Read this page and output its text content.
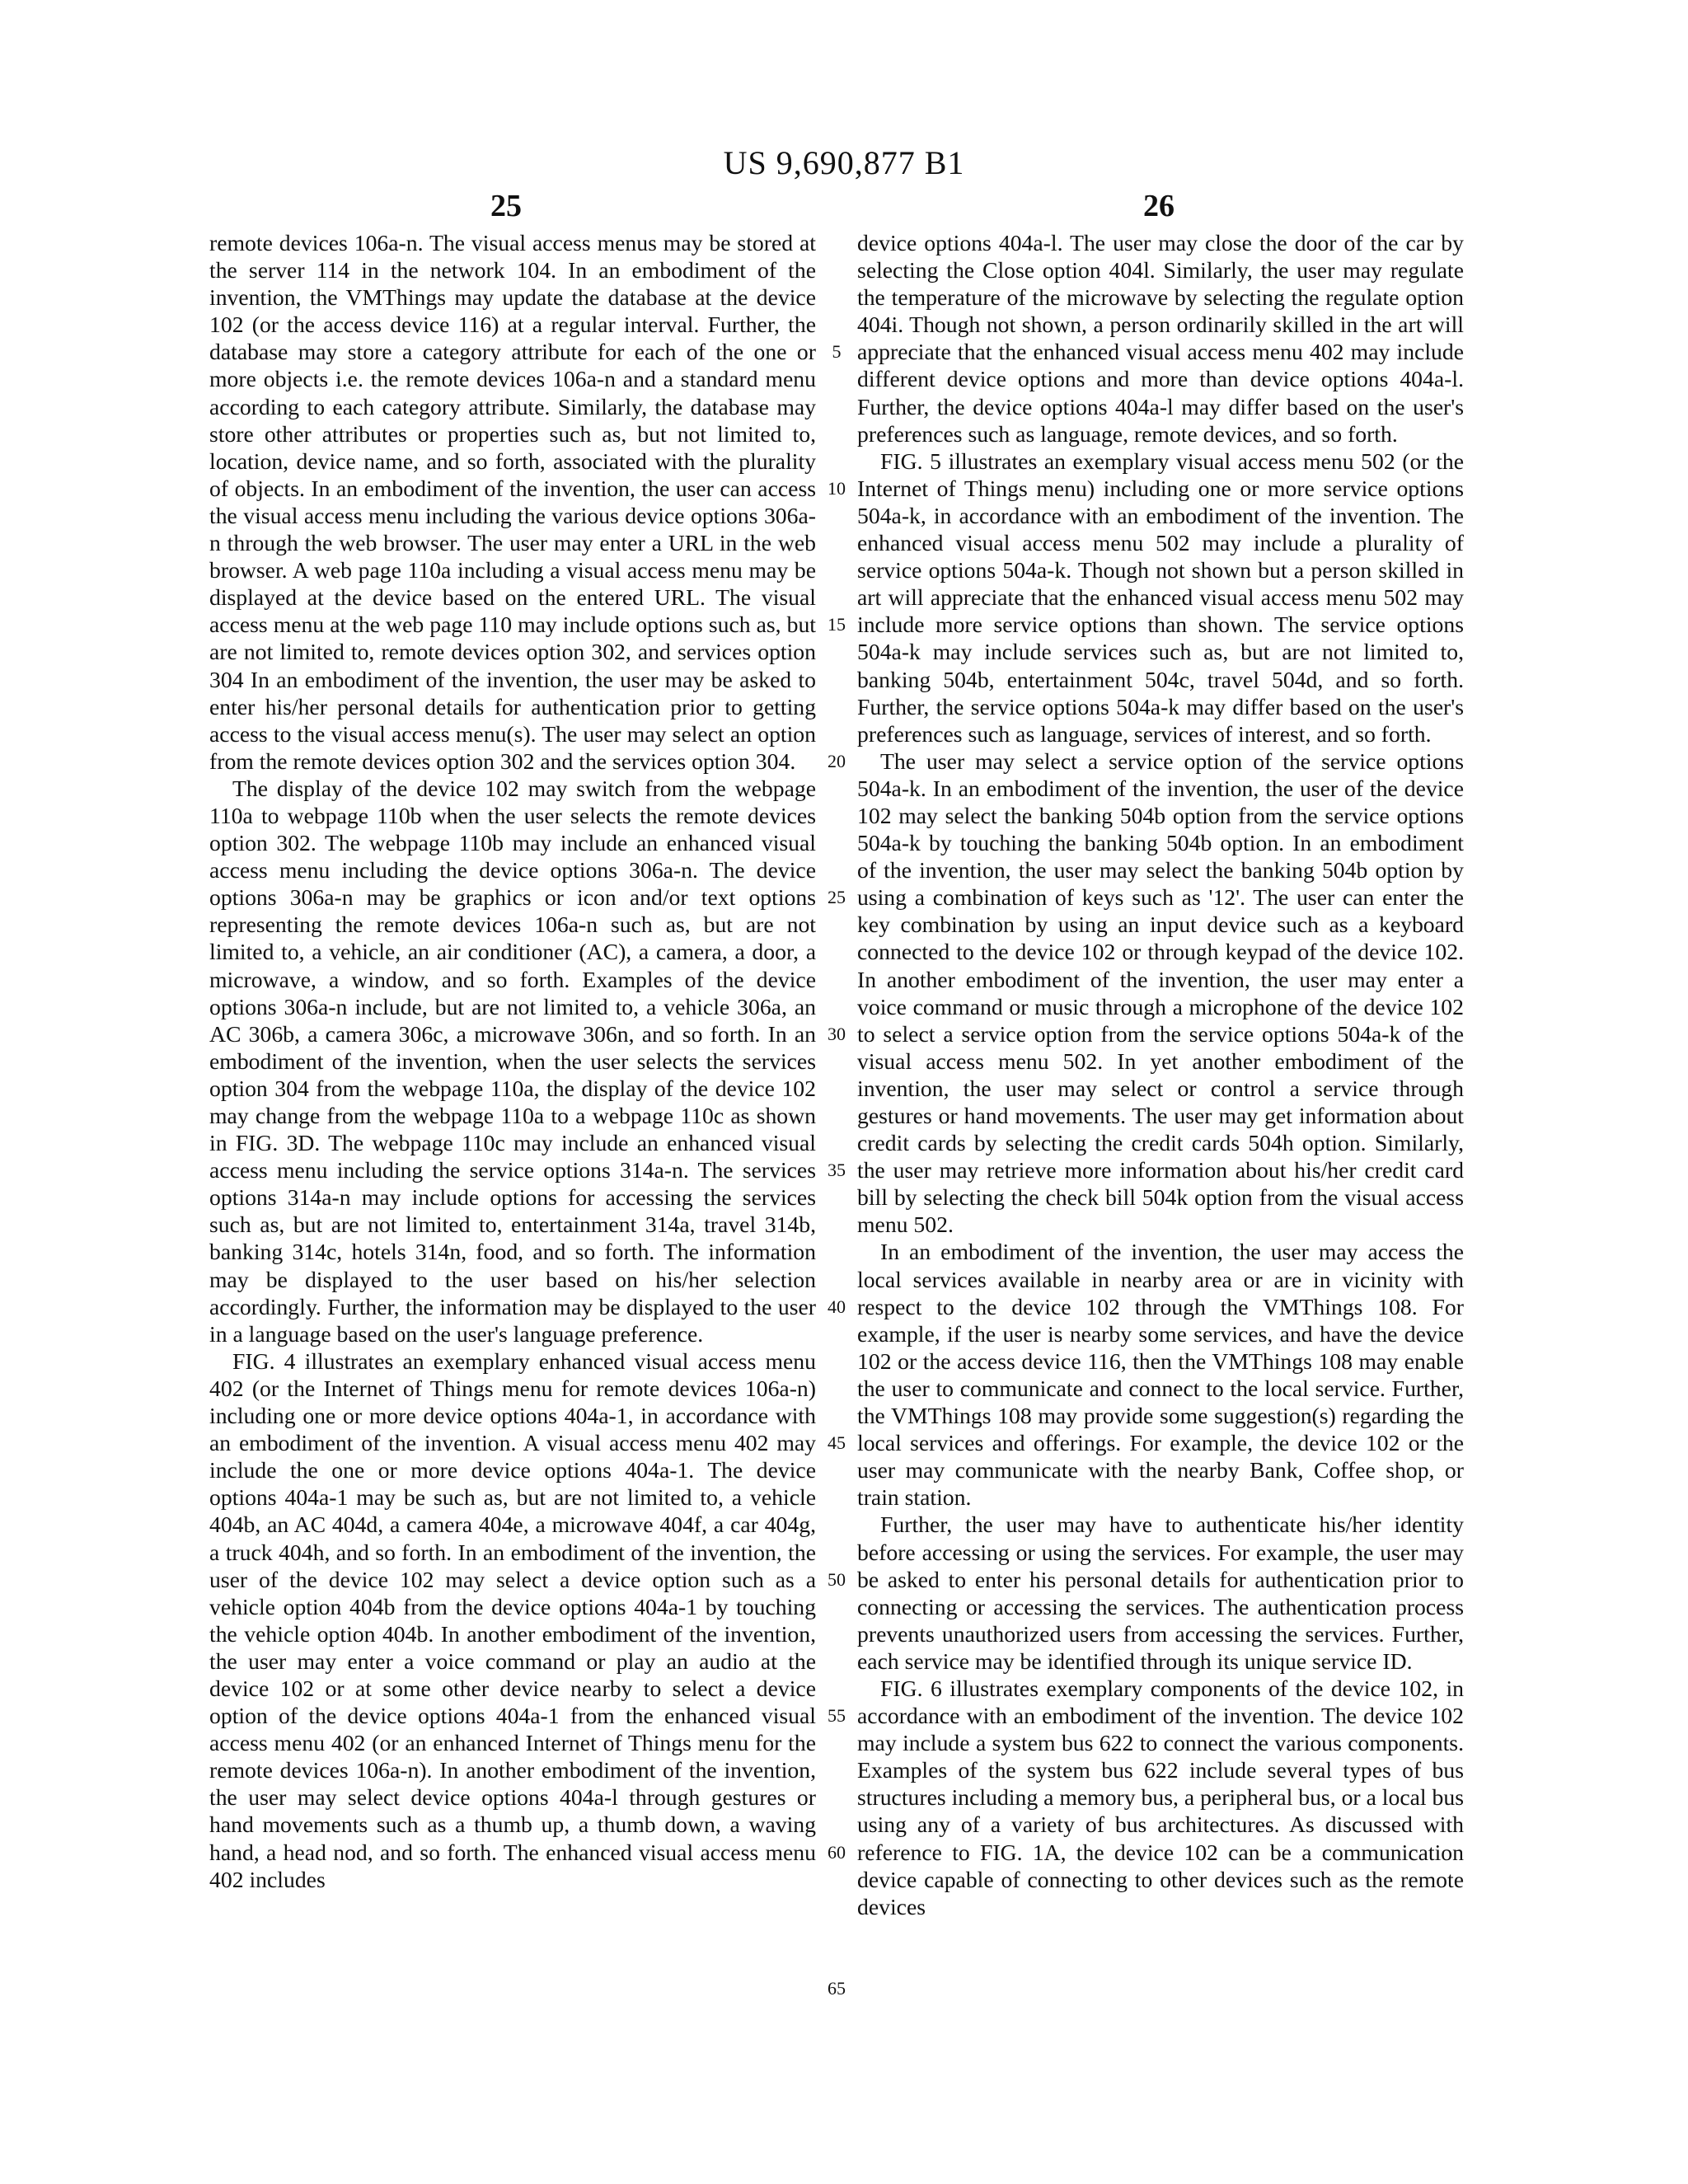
US 9,690,877 B1
25	26

remote devices 106a-n. The visual access menus may be stored at the server 114 in the network 104. In an embodiment of the invention, the VMThings may update the database at the device 102 (or the access device 116) at a regular interval. Further, the database may store a category attribute for each of the one or more objects i.e. the remote devices 106a-n and a standard menu according to each category attribute. Similarly, the database may store other attributes or properties such as, but not limited to, location, device name, and so forth, associated with the plurality of objects. In an embodiment of the invention, the user can access the visual access menu including the various device options 306a-n through the web browser. The user may enter a URL in the web browser. A web page 110a including a visual access menu may be displayed at the device based on the entered URL. The visual access menu at the web page 110 may include options such as, but are not limited to, remote devices option 302, and services option 304 In an embodiment of the invention, the user may be asked to enter his/her personal details for authentication prior to getting access to the visual access menu(s). The user may select an option from the remote devices option 302 and the services option 304.

The display of the device 102 may switch from the webpage 110a to webpage 110b when the user selects the remote devices option 302. The webpage 110b may include an enhanced visual access menu including the device options 306a-n. The device options 306a-n may be graphics or icon and/or text options representing the remote devices 106a-n such as, but are not limited to, a vehicle, an air conditioner (AC), a camera, a door, a microwave, a window, and so forth. Examples of the device options 306a-n include, but are not limited to, a vehicle 306a, an AC 306b, a camera 306c, a microwave 306n, and so forth. In an embodiment of the invention, when the user selects the services option 304 from the webpage 110a, the display of the device 102 may change from the webpage 110a to a webpage 110c as shown in FIG. 3D. The webpage 110c may include an enhanced visual access menu including the service options 314a-n. The services options 314a-n may include options for accessing the services such as, but are not limited to, entertainment 314a, travel 314b, banking 314c, hotels 314n, food, and so forth. The information may be displayed to the user based on his/her selection accordingly. Further, the information may be displayed to the user in a language based on the user's language preference.

FIG. 4 illustrates an exemplary enhanced visual access menu 402 (or the Internet of Things menu for remote devices 106a-n) including one or more device options 404a-1, in accordance with an embodiment of the invention. A visual access menu 402 may include the one or more device options 404a-1. The device options 404a-1 may be such as, but are not limited to, a vehicle 404b, an AC 404d, a camera 404e, a microwave 404f, a car 404g, a truck 404h, and so forth. In an embodiment of the invention, the user of the device 102 may select a device option such as a vehicle option 404b from the device options 404a-1 by touching the vehicle option 404b. In another embodiment of the invention, the user may enter a voice command or play an audio at the device 102 or at some other device nearby to select a device option of the device options 404a-1 from the enhanced visual access menu 402 (or an enhanced Internet of Things menu for the remote devices 106a-n). In another embodiment of the invention, the user may select device options 404a-l through gestures or hand movements such as a thumb up, a thumb down, a waving hand, a head nod, and so forth. The enhanced visual access menu 402 includes

5
10
15
20
25
30
35
40
45
50
55
60
65

device options 404a-l. The user may close the door of the car by selecting the Close option 404l. Similarly, the user may regulate the temperature of the microwave by selecting the regulate option 404i. Though not shown, a person ordinarily skilled in the art will appreciate that the enhanced visual access menu 402 may include different device options and more than device options 404a-l. Further, the device options 404a-l may differ based on the user's preferences such as language, remote devices, and so forth.

FIG. 5 illustrates an exemplary visual access menu 502 (or the Internet of Things menu) including one or more service options 504a-k, in accordance with an embodiment of the invention. The enhanced visual access menu 502 may include a plurality of service options 504a-k. Though not shown but a person skilled in art will appreciate that the enhanced visual access menu 502 may include more service options than shown. The service options 504a-k may include services such as, but are not limited to, banking 504b, entertainment 504c, travel 504d, and so forth. Further, the service options 504a-k may differ based on the user's preferences such as language, services of interest, and so forth.

The user may select a service option of the service options 504a-k. In an embodiment of the invention, the user of the device 102 may select the banking 504b option from the service options 504a-k by touching the banking 504b option. In an embodiment of the invention, the user may select the banking 504b option by using a combination of keys such as '12'. The user can enter the key combination by using an input device such as a keyboard connected to the device 102 or through keypad of the device 102. In another embodiment of the invention, the user may enter a voice command or music through a microphone of the device 102 to select a service option from the service options 504a-k of the visual access menu 502. In yet another embodiment of the invention, the user may select or control a service through gestures or hand movements. The user may get information about credit cards by selecting the credit cards 504h option. Similarly, the user may retrieve more information about his/her credit card bill by selecting the check bill 504k option from the visual access menu 502.

In an embodiment of the invention, the user may access the local services available in nearby area or are in vicinity with respect to the device 102 through the VMThings 108. For example, if the user is nearby some services, and have the device 102 or the access device 116, then the VMThings 108 may enable the user to communicate and connect to the local service. Further, the VMThings 108 may provide some suggestion(s) regarding the local services and offerings. For example, the device 102 or the user may communicate with the nearby Bank, Coffee shop, or train station.

Further, the user may have to authenticate his/her identity before accessing or using the services. For example, the user may be asked to enter his personal details for authentication prior to connecting or accessing the services. The authentication process prevents unauthorized users from accessing the services. Further, each service may be identified through its unique service ID.

FIG. 6 illustrates exemplary components of the device 102, in accordance with an embodiment of the invention. The device 102 may include a system bus 622 to connect the various components. Examples of the system bus 622 include several types of bus structures including a memory bus, a peripheral bus, or a local bus using any of a variety of bus architectures. As discussed with reference to FIG. 1A, the device 102 can be a communication device capable of connecting to other devices such as the remote devices
